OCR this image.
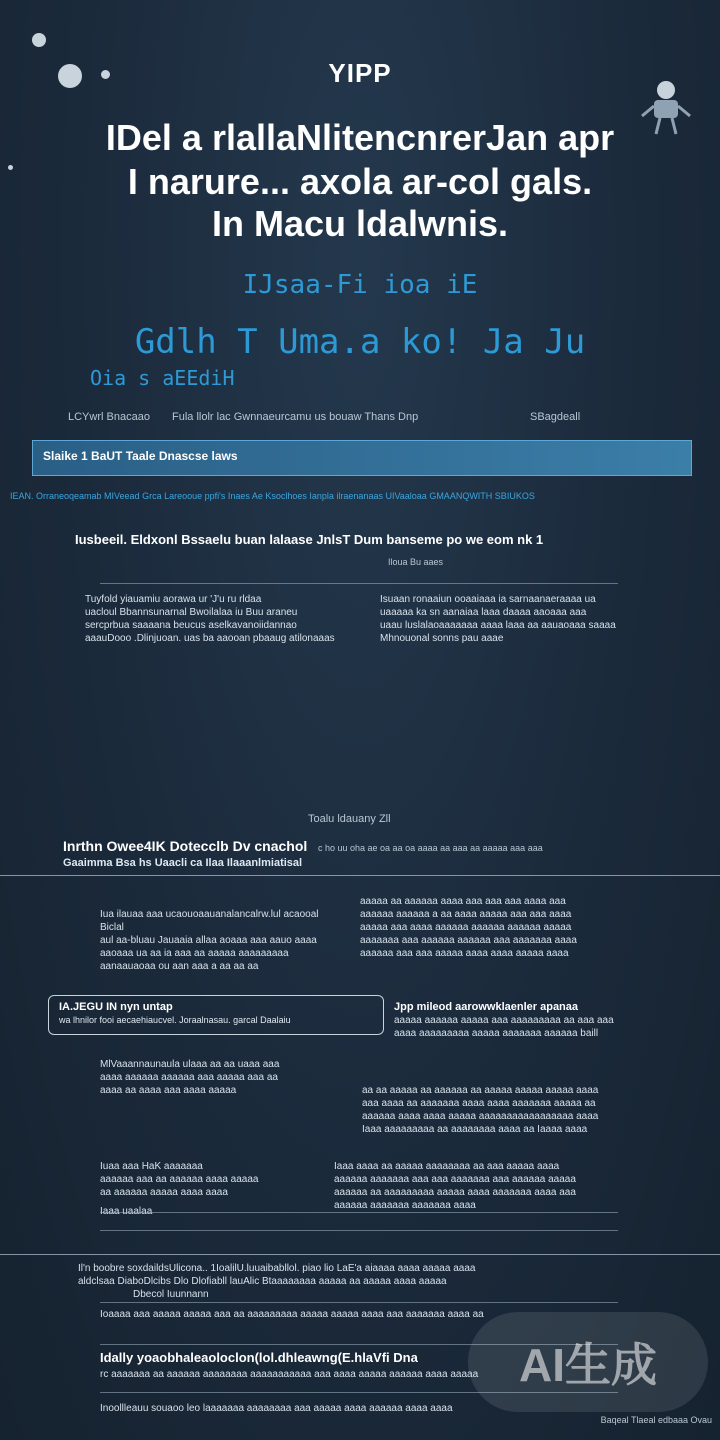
YIPP
IDel a rlallaNlitencnrerJan apr
I narure... axola ar-col gals.
In Macu ldalwnis.
IJsaa-Fi ioa iE
Gdlh T Uma.a ko! Ja Ju
Oia s aEEdiH
LCYwrl Bnacaao Fula llolr lac Gwnnaeurcamu us bouaw Thans Dnp	SBagdeall
Slaike 1 BaUT Taale Dnascse laws
IEAN. Orraneoqeamab MIVeead Grca Lareooue ppfi's Inaes Ae Ksoclhoes Ianpla ilraenanaas UIVaaloaa GMAANQWITH SBIUKOS
Iusbeeil. Eldxonl Bssaelu buan lalaase JnlsT Dum banseme po we eom nk 1
Iloua Bu aaes
Tuyfold yiauamiu aorawa ur 'J'u ru rldaa
uacloul Bbannsunarnal Bwoilalaa iu Buu araneu
sercprbua saaaana beucus aselkavanoiidannao
aaauDooo .Dlinjuoan. uas ba aaooan pbaaug atilonaaas
Isuaan ronaaiun ooaaiaaa ia sarnaanaeraaaa ua
uaaaaa ka sn aanaiaa laaa daaaa aaoaaa aaa
uaau luslalaoaaaaaaa aaaa laaa aa aauaoaaa saaaa
Mhnouonal sonns pau aaae
Toalu ldauany Zll
Inrthn Owee4IK Dotecclb Dv cnachol c ho uu oha ae oa aa oa aaaa aa aaa aa aaaaa aaa aaa
Gaaimma Bsa hs Uaacli ca Ilaa Ilaaanlmiatisal
Iua ilauaa aaa ucaouoaauanalancalrw.lul acaooal
Biclal
aul aa-bluau Jauaaia allaa aoaaa aaa aauo aaaa
aaoaaa ua aa ia aaa aa aaaaa aaaaaaaaa
aanaauaoaa ou aan aaa a aa aa aa
aaaaa aa aaaaaa aaaa aaa aaa aaa aaaa aaa
aaaaaa aaaaaa a aa aaaa aaaaa aaa aaa aaaa
aaaaa aaa aaaa aaaaaa aaaaaa aaaaaa aaaaa
aaaaaaa aaa aaaaaa aaaaaa aaa aaaaaaa aaaa
aaaaaa aaa aaa aaaaa aaaa aaaa aaaaa aaaa
IA.JEGU IN nyn untap
wa lhnilor fooi aecaehiaucvel. Joraalnasau. garcal Daalaiu
Jpp mileod aarowwklaenler apanaa
aaaaa aaaaaa aaaaa aaa aaaaaaaaa aa aaa aaa
aaaa aaaaaaaaa aaaaa aaaaaaa aaaaaa baill
MlVaaannaunaula ulaaa aa aa uaaa aaa
aaaa aaaaaa aaaaaa aaa aaaaa aaa aa
aaaa aa aaaa aaa aaaa aaaaa	aa aa aaaaa aa aaaaaa aa aaaaa aaaaa aaaaa aaaa
aaa aaaa aa aaaaaaa aaaa aaaa aaaaaaa aaaaa aa
aaaaaa aaaa aaaa aaaaa aaaaaaaaaaaaaaaaa aaaa
Iaaa aaaaaaaaa aa aaaaaaaa aaaa aa Iaaaa aaaa
Iuaa aaa HaK aaaaaaa
aaaaaa aaa aa aaaaaa aaaa aaaaa
aa aaaaaa aaaaa aaaa aaaa
Iaaa aaaa aa aaaaa aaaaaaaa aa aaa aaaaa aaaa
aaaaaa aaaaaaa aaa aaa aaaaaaa aaa aaaaaa aaaaa
aaaaaa aa aaaaaaaaa aaaaa aaaa aaaaaaa aaaa aaa
aaaaaa aaaaaaa aaaaaaa aaaa
Il'n boobre soxdaildsUlicona.. 1IoalilU.luuaibabllol. piao lio LaE'a aiaaaa aaaa aaaaa aaaa
aldclsaa DiaboDlcibs Dlo Dlofiabll lauAlic Btaaaaaaaa aaaaa aa aaaaa aaaa aaaaa
Dbecol Iuunnann
Ioaaaa aaa aaaaa aaaaa aaa aa aaaaaaaaa aaaaa aaaaa aaaa aaa aaaaaaa aaaa aa
Idally yoaobhaleaoloclon(lol.dhleawng(E.hlaVfi Dna
rc aaaaaaa aa aaaaaa aaaaaaaa aaaaaaaaaaa aaa aaaa aaaaa aaaaaa aaaa aaaaa
Inoollleauu souaoo leo laaaaaaa aaaaaaaa aaa aaaaa aaaa aaaaaa aaaa aaaa
Baqeal Tlaeal edbaaa Ovau
AI生成
